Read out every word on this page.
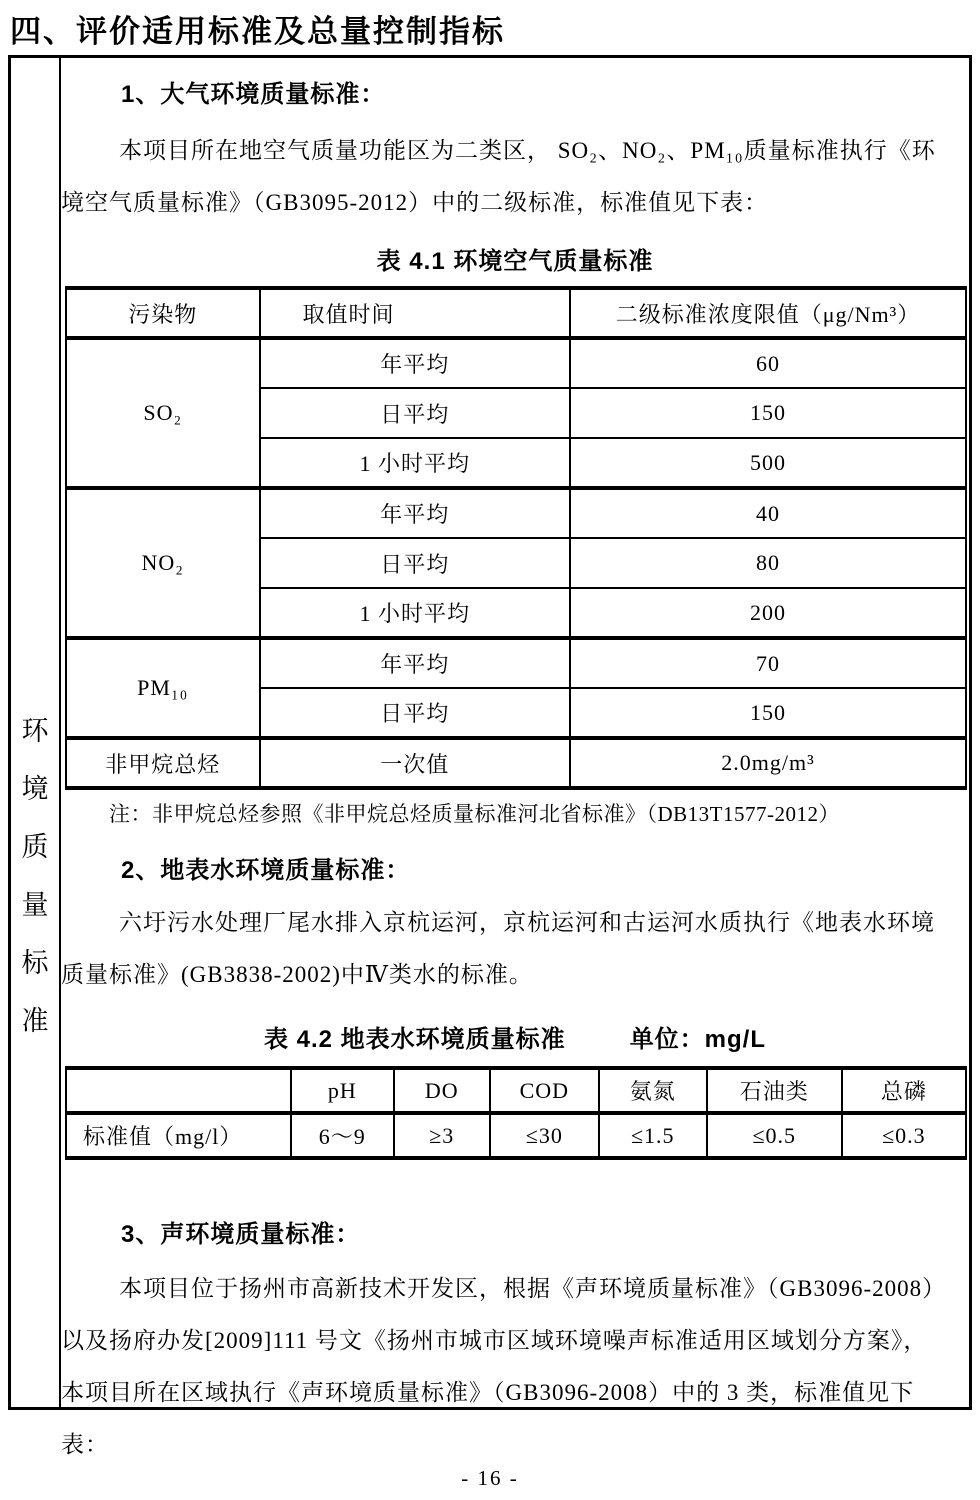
四、评价适用标准及总量控制指标
环
境
质
量
标
准
1、大气环境质量标准：
本项目所在地空气质量功能区为二类区， SO₂、NO₂、PM₁₀质量标准执行《环
境空气质量标准》（GB3095-2012）中的二级标准，标准值见下表：
表 4.1 环境空气质量标准
污染物	取值时间	二级标准浓度限值（μg/Nm³）
SO₂	年平均	60
	日平均	150
	1 小时平均	500
NO₂	年平均	40
	日平均	80
	1 小时平均	200
PM₁₀	年平均	70
	日平均	150
非甲烷总烃	一次值	2.0mg/m³
注：非甲烷总烃参照《非甲烷总烃质量标准河北省标准》（DB13T1577-2012）
2、地表水环境质量标准：
六圩污水处理厂尾水排入京杭运河，京杭运河和古运河水质执行《地表水环境
质量标准》(GB3838-2002)中Ⅳ类水的标准。
表 4.2 地表水环境质量标准	单位：mg/L
	pH	DO	COD	氨氮	石油类	总磷
标准值（mg/l）	6～9	≥3	≤30	≤1.5	≤0.5	≤0.3
3、声环境质量标准：
本项目位于扬州市高新技术开发区，根据《声环境质量标准》（GB3096-2008）
以及扬府办发[2009]111 号文《扬州市城市区域环境噪声标准适用区域划分方案》，
本项目所在区域执行《声环境质量标准》（GB3096-2008）中的 3 类，标准值见下
表：
- 16 -
